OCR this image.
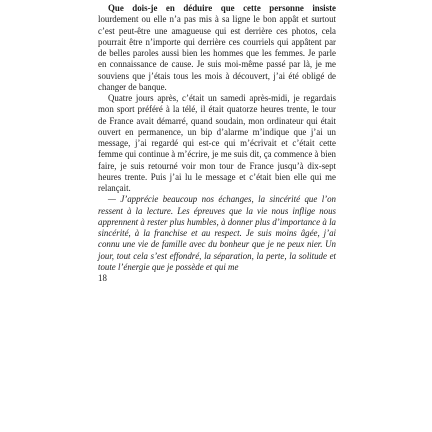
Que dois-je en déduire que cette personne insiste

lourdement ou elle n’a pas mis à sa ligne le bon appât et surtout c’est peut-être une amagueuse qui est derrière ces photos, cela pourrait être n’importe qui derrière ces courriels qui appâtent par de belles paroles aussi bien les hommes que les femmes. Je parle en connaissance de cause. Je suis moi-même passé par là, je me souviens que j’étais tous les mois à découvert, j’ai été obligé de changer de banque.

Quatre jours après, c’était un samedi après-midi, je regardais mon sport préféré à la télé, il était quatorze heures trente, le tour de France avait démarré, quand soudain, mon ordinateur qui était ouvert en permanence, un bip d’alarme m’indique que j’ai un message, j’ai regardé qui est-ce qui m’écrivait et c’était cette femme qui continue à m’écrire, je me suis dit, ça commence à bien faire, je suis retourné voir mon tour de France jusqu’à dix-sept heures trente. Puis j’ai lu le message et c’était bien elle qui me relançait.

— J’apprécie beaucoup nos échanges, la sincérité que l’on ressent à la lecture. Les épreuves que la vie nous inflige nous apprennent à rester plus humbles, à donner plus d’importance à la sincérité, à la franchise et au respect. Je suis moins âgée, j’ai connu une vie de famille avec du bonheur que je ne peux nier. Un jour, tout cela s’est effondré, la séparation, la perte, la solitude et toute l’énergie que je possède et qui me

18
